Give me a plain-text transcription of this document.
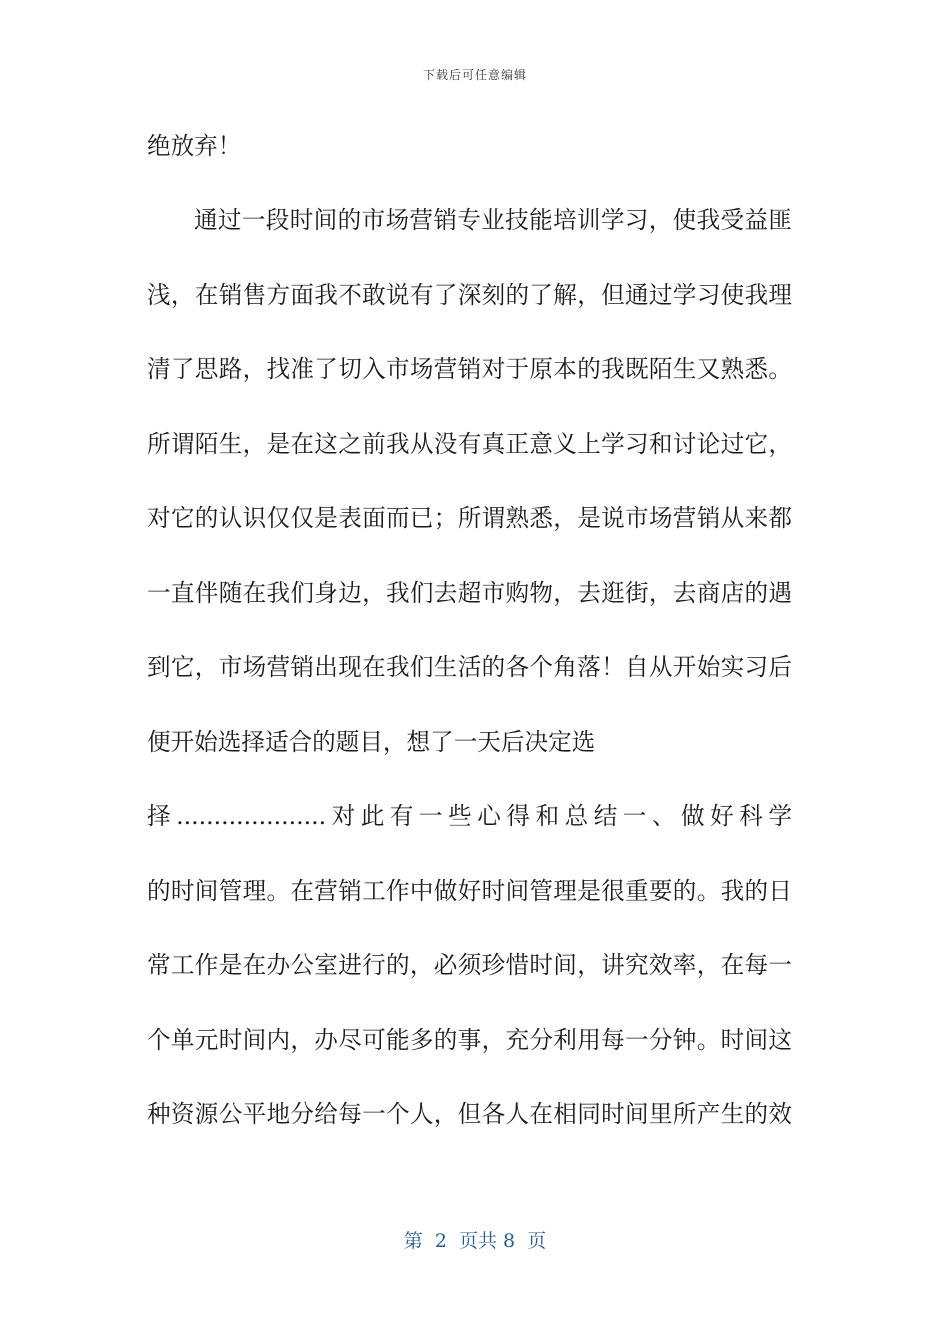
下载后可任意编辑
绝放弃！
通过一段时间的市场营销专业技能培训学习，使我受益匪
浅，在销售方面我不敢说有了深刻的了解，但通过学习使我理
清了思路，找准了切入市场营销对于原本的我既陌生又熟悉。
所谓陌生，是在这之前我从没有真正意义上学习和讨论过它，
对它的认识仅仅是表面而已；所谓熟悉，是说市场营销从来都
一直伴随在我们身边，我们去超市购物，去逛街，去商店的遇
到它，市场营销出现在我们生活的各个角落！自从开始实习后
便开始选择适合的题目，想了一天后决定选
择....................对此有一些心得和总结一、做好科学
的时间管理。在营销工作中做好时间管理是很重要的。我的日
常工作是在办公室进行的，必须珍惜时间，讲究效率，在每一
个单元时间内，办尽可能多的事，充分利用每一分钟。时间这
种资源公平地分给每一个人，但各人在相同时间里所产生的效
第  2  页共 8  页
